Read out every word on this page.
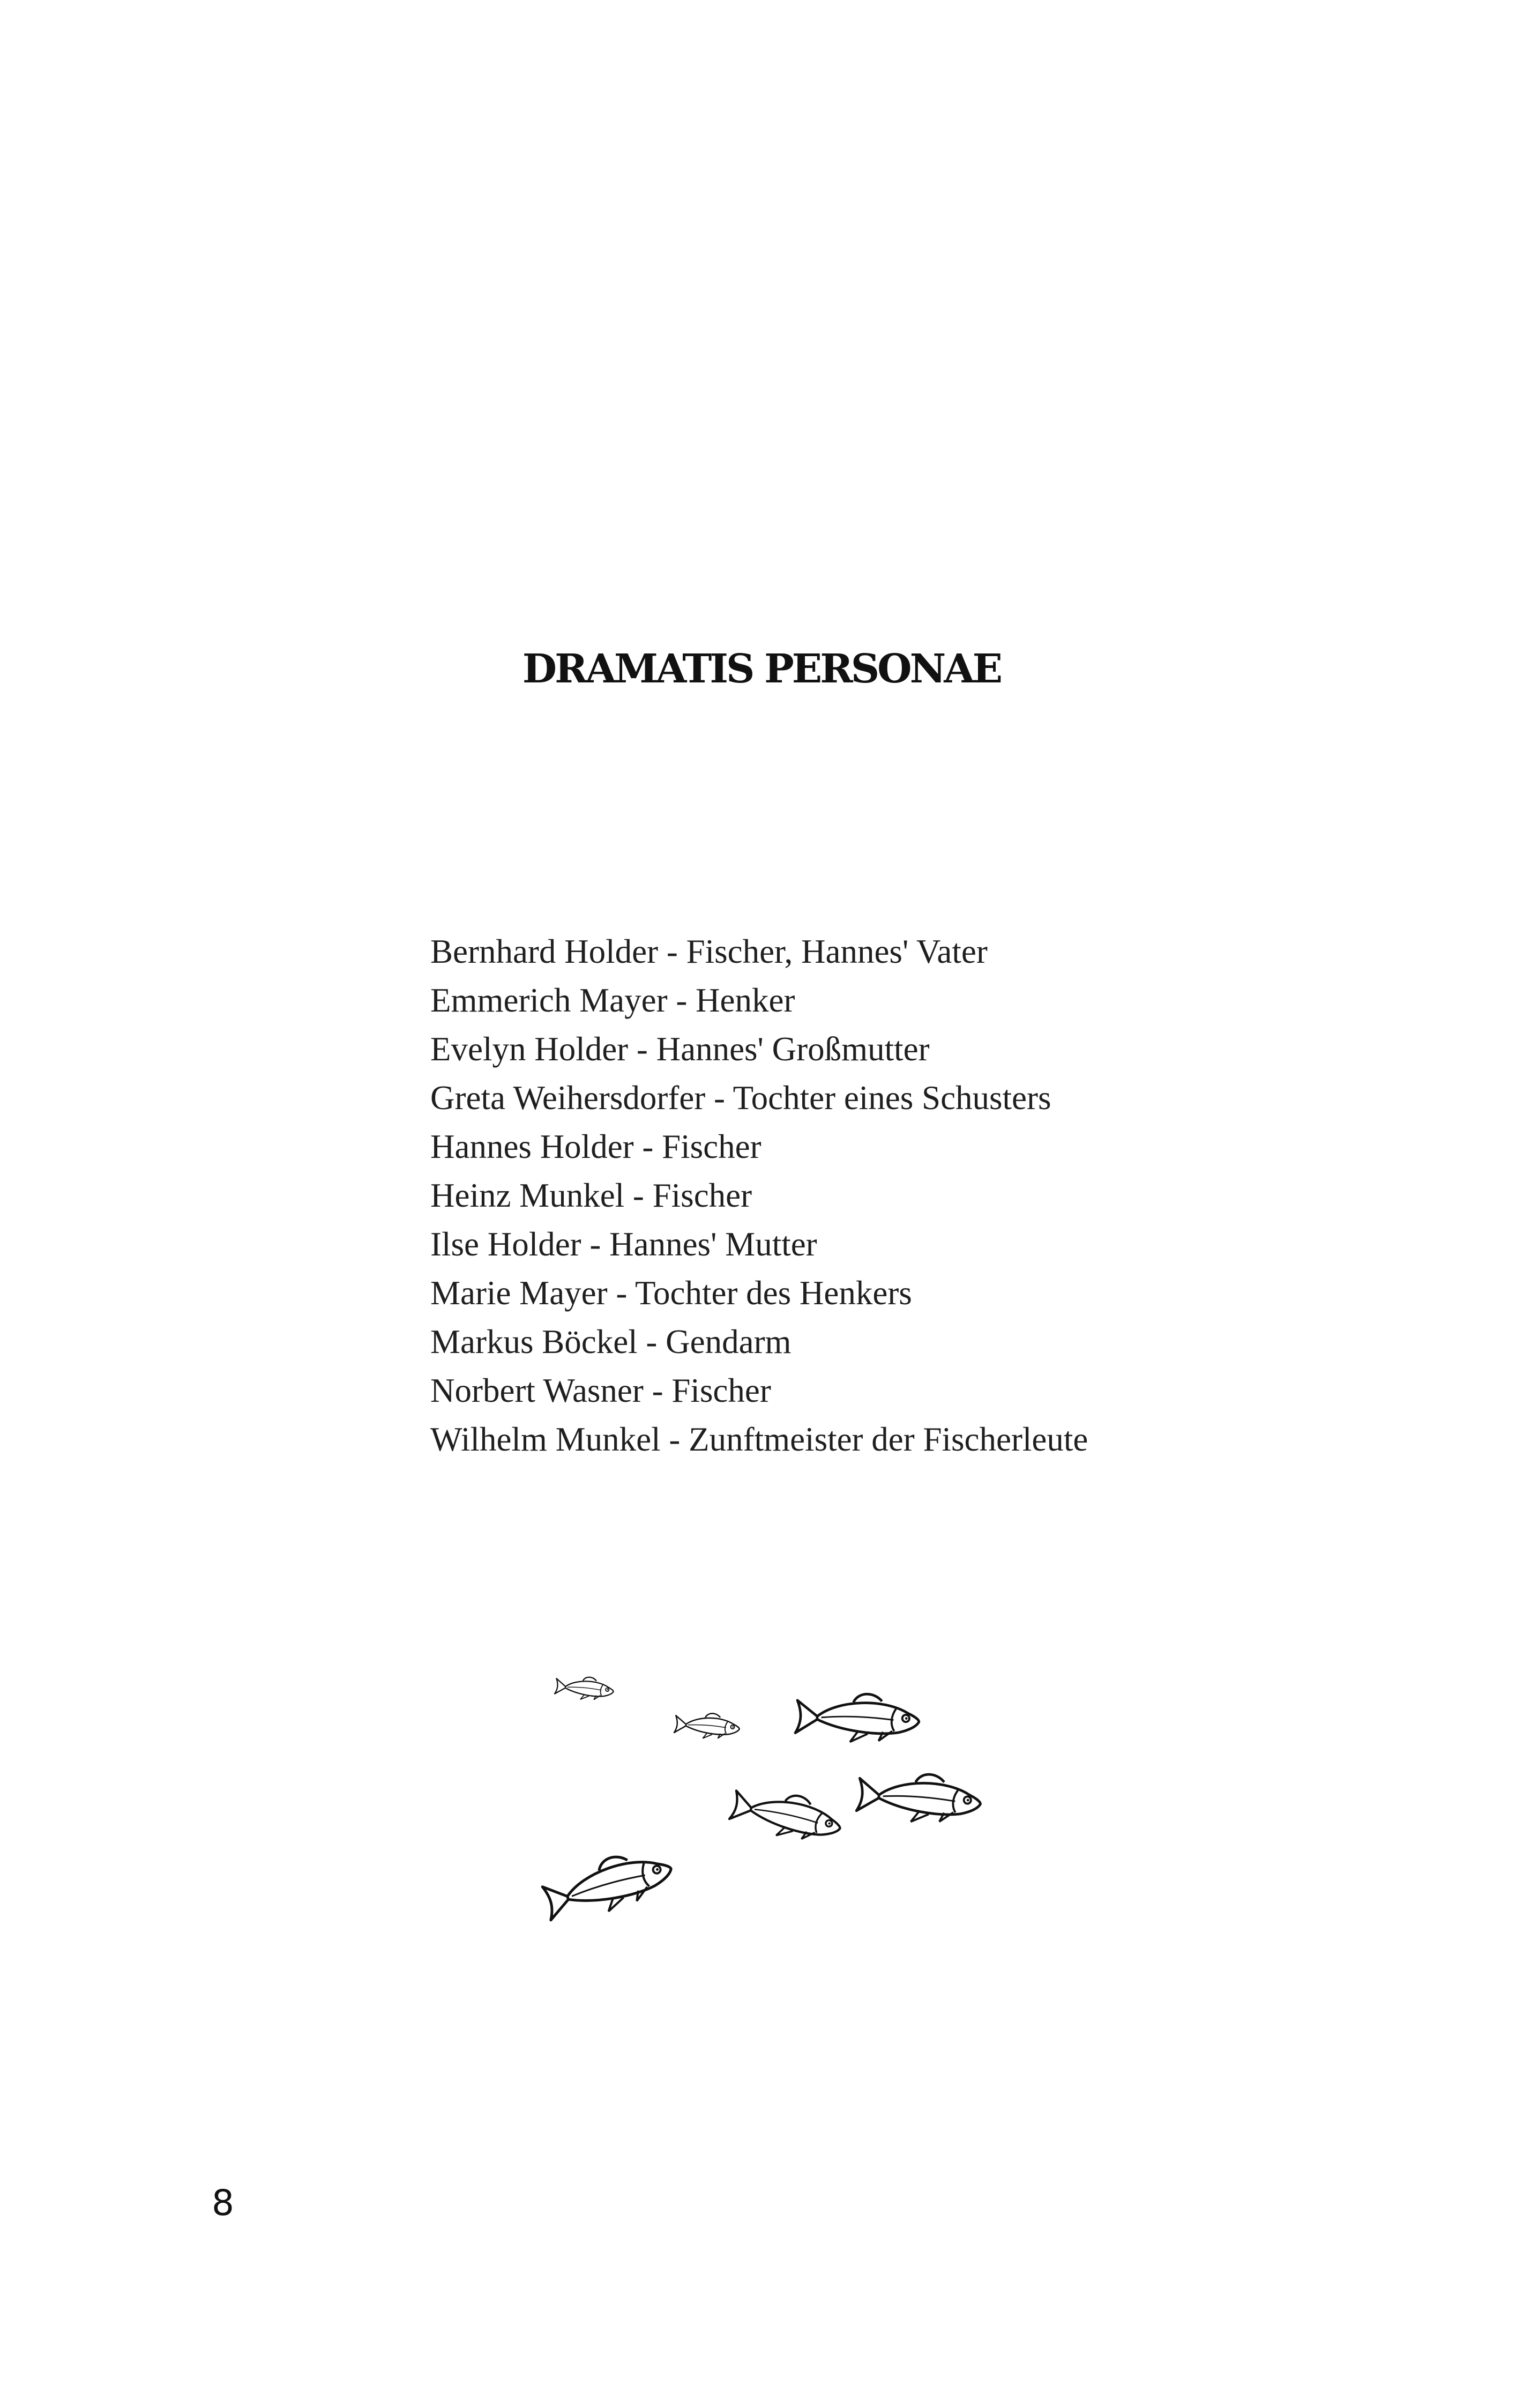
DRAMATIS PERSONAE
Bernhard Holder - Fischer, Hannes' Vater
Emmerich Mayer - Henker
Evelyn Holder - Hannes' Großmutter
Greta Weihersdorfer - Tochter eines Schusters
Hannes Holder - Fischer
Heinz Munkel - Fischer
Ilse Holder - Hannes' Mutter
Marie Mayer - Tochter des Henkers
Markus Böckel - Gendarm
Norbert Wasner - Fischer
Wilhelm Munkel - Zunftmeister der Fischerleute
8
